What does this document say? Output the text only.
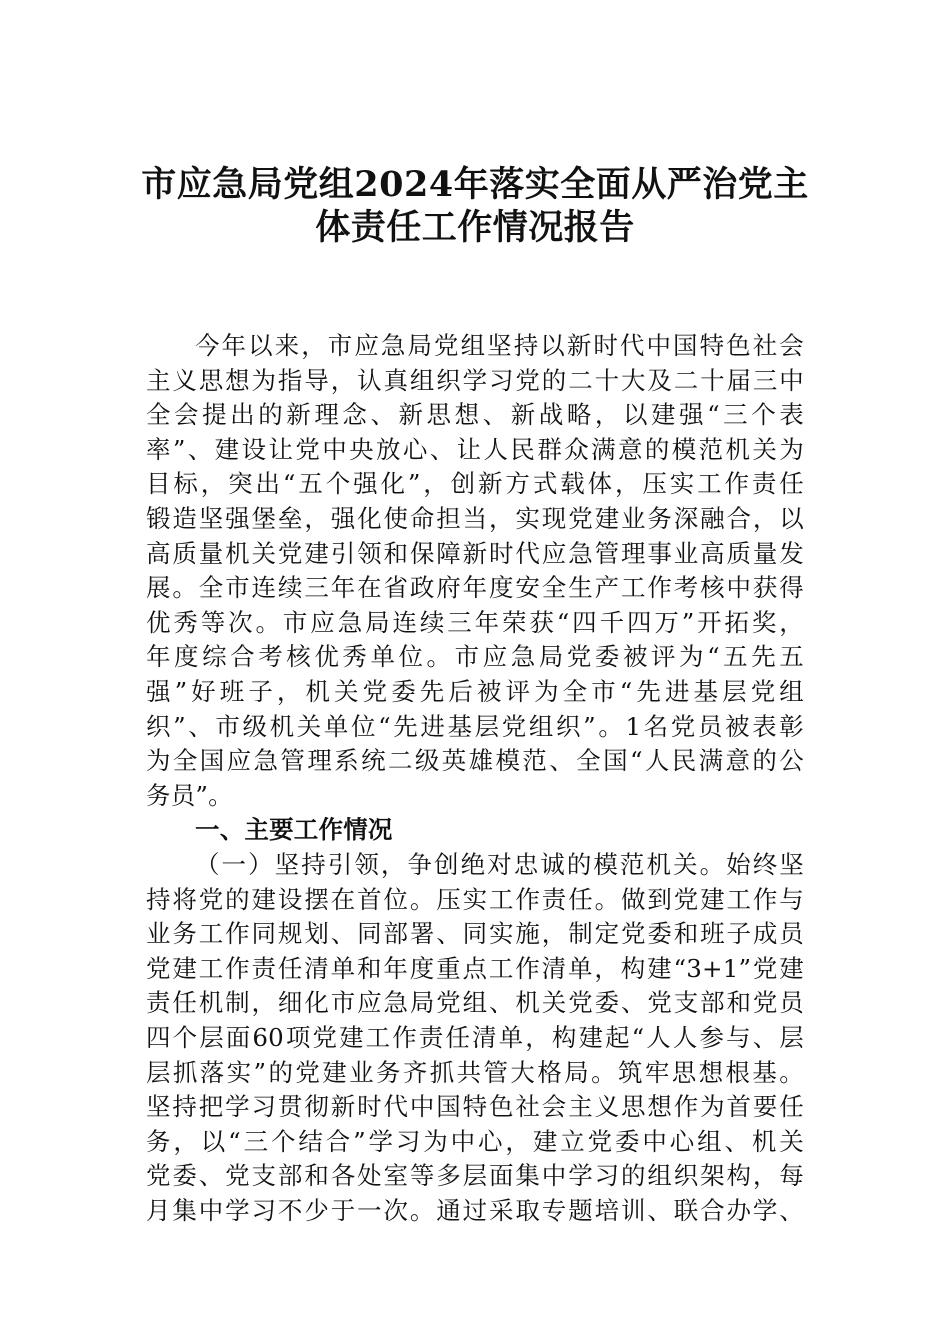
市应急局党组2024年落实全面从严治党主
体责任工作情况报告
今年以来，市应急局党组坚持以新时代中国特色社会
主义思想为指导，认真组织学习党的二十大及二十届三中
全会提出的新理念、新思想、新战略，以建强“三个表
率”、建设让党中央放心、让人民群众满意的模范机关为
目标，突出“五个强化”，创新方式载体，压实工作责任
锻造坚强堡垒，强化使命担当，实现党建业务深融合，以
高质量机关党建引领和保障新时代应急管理事业高质量发
展。全市连续三年在省政府年度安全生产工作考核中获得
优秀等次。市应急局连续三年荣获“四千四万”开拓奖，
年度综合考核优秀单位。市应急局党委被评为“五先五
强”好班子，机关党委先后被评为全市“先进基层党组
织”、市级机关单位“先进基层党组织”。1名党员被表彰
为全国应急管理系统二级英雄模范、全国“人民满意的公
务员”。
一、主要工作情况
（一）坚持引领，争创绝对忠诚的模范机关。始终坚
持将党的建设摆在首位。压实工作责任。做到党建工作与
业务工作同规划、同部署、同实施，制定党委和班子成员
党建工作责任清单和年度重点工作清单，构建“3+1”党建
责任机制，细化市应急局党组、机关党委、党支部和党员
四个层面60项党建工作责任清单，构建起“人人参与、层
层抓落实”的党建业务齐抓共管大格局。筑牢思想根基。
坚持把学习贯彻新时代中国特色社会主义思想作为首要任
务，以“三个结合”学习为中心，建立党委中心组、机关
党委、党支部和各处室等多层面集中学习的组织架构，每
月集中学习不少于一次。通过采取专题培训、联合办学、
